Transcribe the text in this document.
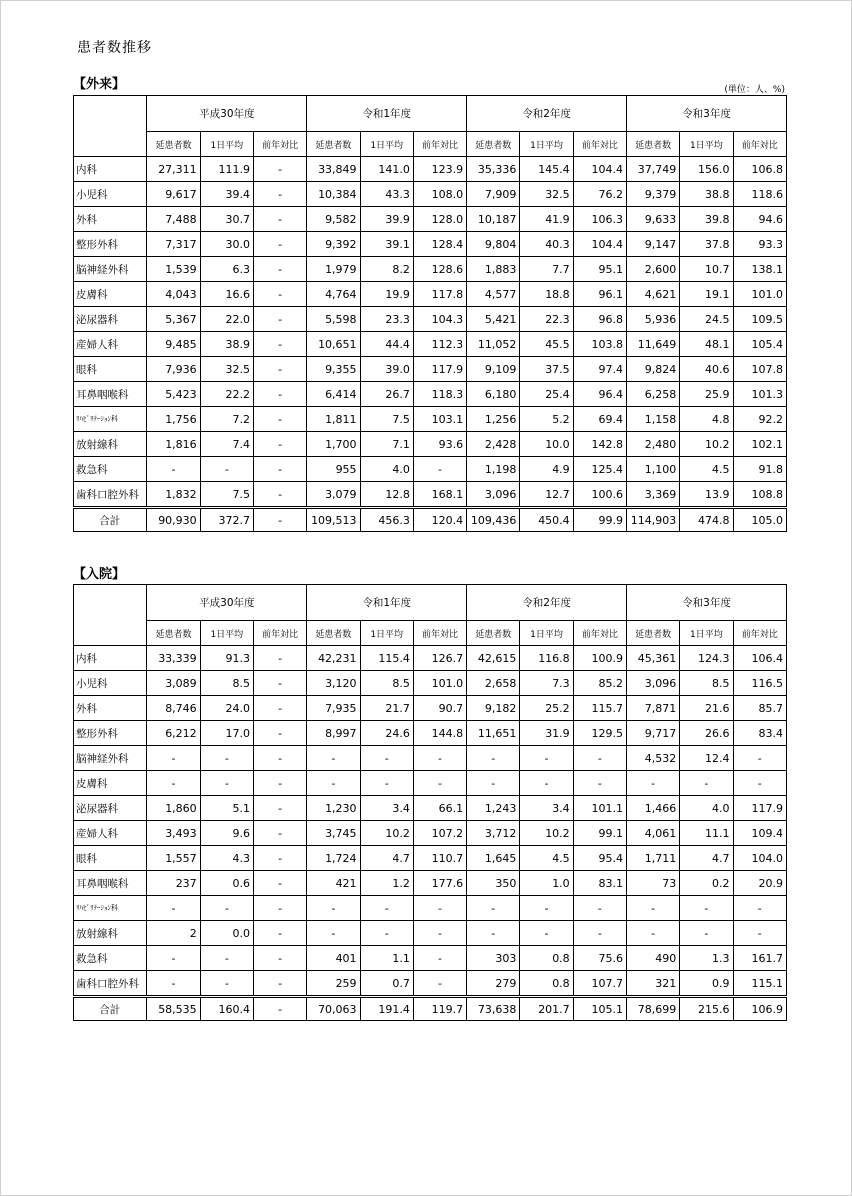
患者数推移
【外来】	(単位：人、%)
	平成30年度			令和1年度			令和2年度			令和3年度		
	延患者数	1日平均	前年対比	延患者数	1日平均	前年対比	延患者数	1日平均	前年対比	延患者数	1日平均	前年対比
内科	27,311	111.9	-	33,849	141.0	123.9	35,336	145.4	104.4	37,749	156.0	106.8
小児科	9,617	39.4	-	10,384	43.3	108.0	7,909	32.5	76.2	9,379	38.8	118.6
外科	7,488	30.7	-	9,582	39.9	128.0	10,187	41.9	106.3	9,633	39.8	94.6
整形外科	7,317	30.0	-	9,392	39.1	128.4	9,804	40.3	104.4	9,147	37.8	93.3
脳神経外科	1,539	6.3	-	1,979	8.2	128.6	1,883	7.7	95.1	2,600	10.7	138.1
皮膚科	4,043	16.6	-	4,764	19.9	117.8	4,577	18.8	96.1	4,621	19.1	101.0
泌尿器科	5,367	22.0	-	5,598	23.3	104.3	5,421	22.3	96.8	5,936	24.5	109.5
産婦人科	9,485	38.9	-	10,651	44.4	112.3	11,052	45.5	103.8	11,649	48.1	105.4
眼科	7,936	32.5	-	9,355	39.0	117.9	9,109	37.5	97.4	9,824	40.6	107.8
耳鼻咽喉科	5,423	22.2	-	6,414	26.7	118.3	6,180	25.4	96.4	6,258	25.9	101.3
ﾘﾊﾋﾞﾘﾃｰｼｮﾝ科	1,756	7.2	-	1,811	7.5	103.1	1,256	5.2	69.4	1,158	4.8	92.2
放射線科	1,816	7.4	-	1,700	7.1	93.6	2,428	10.0	142.8	2,480	10.2	102.1
救急科	-	-	-	955	4.0	-	1,198	4.9	125.4	1,100	4.5	91.8
歯科口腔外科	1,832	7.5	-	3,079	12.8	168.1	3,096	12.7	100.6	3,369	13.9	108.8
合計	90,930	372.7	-	109,513	456.3	120.4	109,436	450.4	99.9	114,903	474.8	105.0
【入院】
	平成30年度			令和1年度			令和2年度			令和3年度		
	延患者数	1日平均	前年対比	延患者数	1日平均	前年対比	延患者数	1日平均	前年対比	延患者数	1日平均	前年対比
内科	33,339	91.3	-	42,231	115.4	126.7	42,615	116.8	100.9	45,361	124.3	106.4
小児科	3,089	8.5	-	3,120	8.5	101.0	2,658	7.3	85.2	3,096	8.5	116.5
外科	8,746	24.0	-	7,935	21.7	90.7	9,182	25.2	115.7	7,871	21.6	85.7
整形外科	6,212	17.0	-	8,997	24.6	144.8	11,651	31.9	129.5	9,717	26.6	83.4
脳神経外科	-	-	-	-	-	-	-	-	-	4,532	12.4	-
皮膚科	-	-	-	-	-	-	-	-	-	-	-	-
泌尿器科	1,860	5.1	-	1,230	3.4	66.1	1,243	3.4	101.1	1,466	4.0	117.9
産婦人科	3,493	9.6	-	3,745	10.2	107.2	3,712	10.2	99.1	4,061	11.1	109.4
眼科	1,557	4.3	-	1,724	4.7	110.7	1,645	4.5	95.4	1,711	4.7	104.0
耳鼻咽喉科	237	0.6	-	421	1.2	177.6	350	1.0	83.1	73	0.2	20.9
ﾘﾊﾋﾞﾘﾃｰｼｮﾝ科	-	-	-	-	-	-	-	-	-	-	-	-
放射線科	2	0.0	-	-	-	-	-	-	-	-	-	-
救急科	-	-	-	401	1.1	-	303	0.8	75.6	490	1.3	161.7
歯科口腔外科	-	-	-	259	0.7	-	279	0.8	107.7	321	0.9	115.1
合計	58,535	160.4	-	70,063	191.4	119.7	73,638	201.7	105.1	78,699	215.6	106.9
